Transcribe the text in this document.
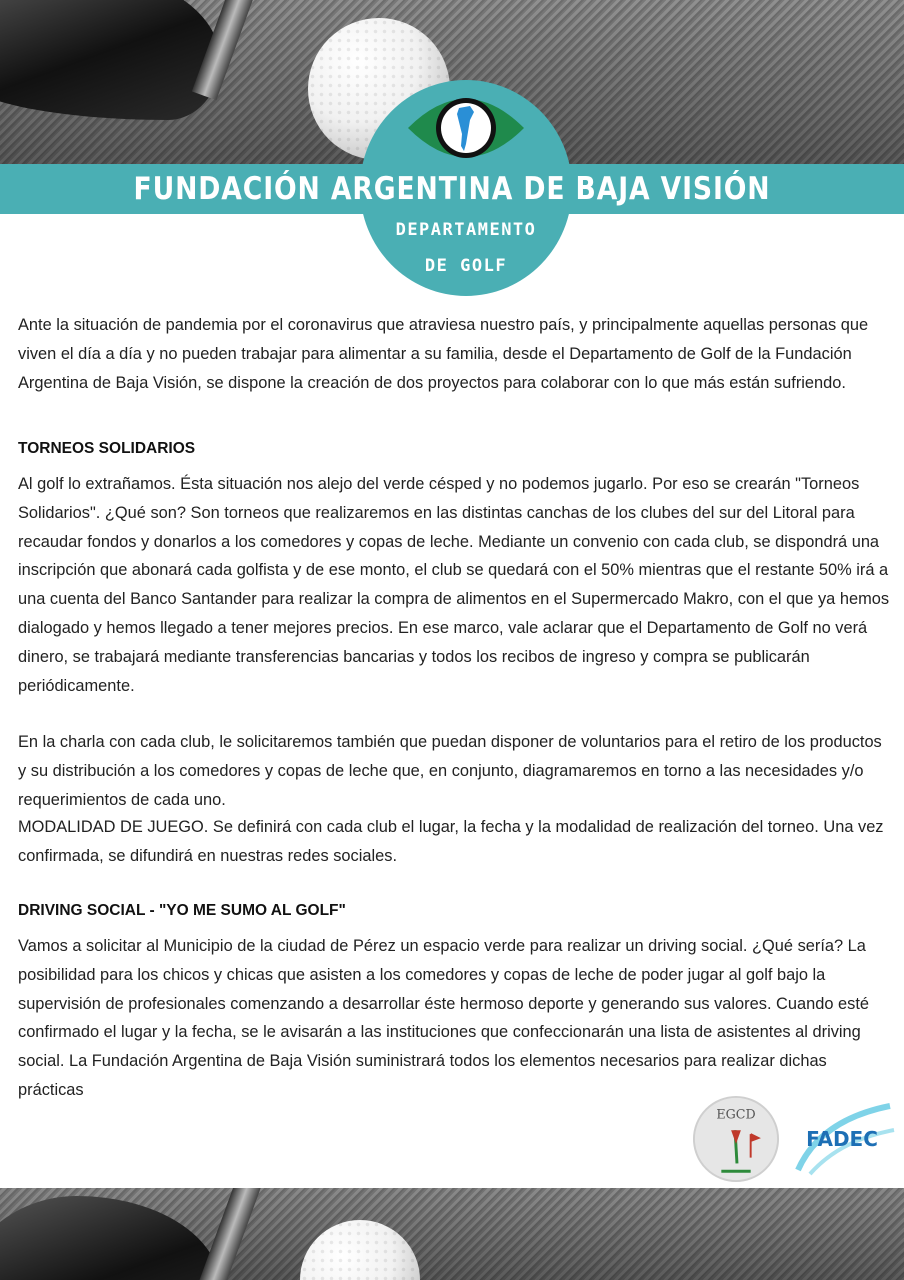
FUNDACIÓN ARGENTINA DE BAJA VISIÓN
DEPARTAMENTO
DE GOLF

Ante la situación de pandemia por el coronavirus que atraviesa nuestro país, y principalmente aquellas personas que viven el día a día y no pueden trabajar para alimentar a su familia, desde el Departamento de Golf de la Fundación Argentina de Baja Visión, se dispone la creación de dos proyectos para colaborar con lo que más están sufriendo.

TORNEOS SOLIDARIOS

Al golf lo extrañamos. Ésta situación nos alejo del verde césped y no podemos jugarlo. Por eso se crearán "Torneos Solidarios". ¿Qué son? Son torneos que realizaremos en las distintas canchas de los clubes del sur del Litoral para recaudar fondos y donarlos a los comedores y copas de leche. Mediante un convenio con cada club, se dispondrá una inscripción que abonará cada golfista y de ese monto, el club se quedará con el 50% mientras que el restante 50% irá a una cuenta del Banco Santander para realizar la compra de alimentos en el Supermercado Makro, con el que ya hemos dialogado y hemos llegado a tener mejores precios. En ese marco, vale aclarar que el Departamento de Golf no verá dinero, se trabajará mediante transferencias bancarias y todos los recibos de ingreso y compra se publicarán periódicamente.

En la charla con cada club, le solicitaremos también que puedan disponer de voluntarios para el retiro de los productos y su distribución a los comedores y copas de leche que, en conjunto, diagramaremos en torno a las necesidades y/o requerimientos de cada uno.

MODALIDAD DE JUEGO. Se definirá con cada club el lugar, la fecha y la modalidad de realización del torneo. Una vez confirmada, se difundirá en nuestras redes sociales.

DRIVING SOCIAL - "YO ME SUMO AL GOLF"

Vamos a solicitar al Municipio de la ciudad de Pérez un espacio verde para realizar un driving social. ¿Qué sería? La posibilidad para los chicos y chicas que asisten a los comedores y copas de leche de poder jugar al golf bajo la supervisión de profesionales comenzando a desarrollar éste hermoso deporte y generando sus valores. Cuando esté confirmado el lugar y la fecha, se le avisarán a las instituciones que confeccionarán una lista de asistentes al driving social. La Fundación Argentina de Baja Visión suministrará todos los elementos necesarios para realizar dichas prácticas

EGCD
FADEC
